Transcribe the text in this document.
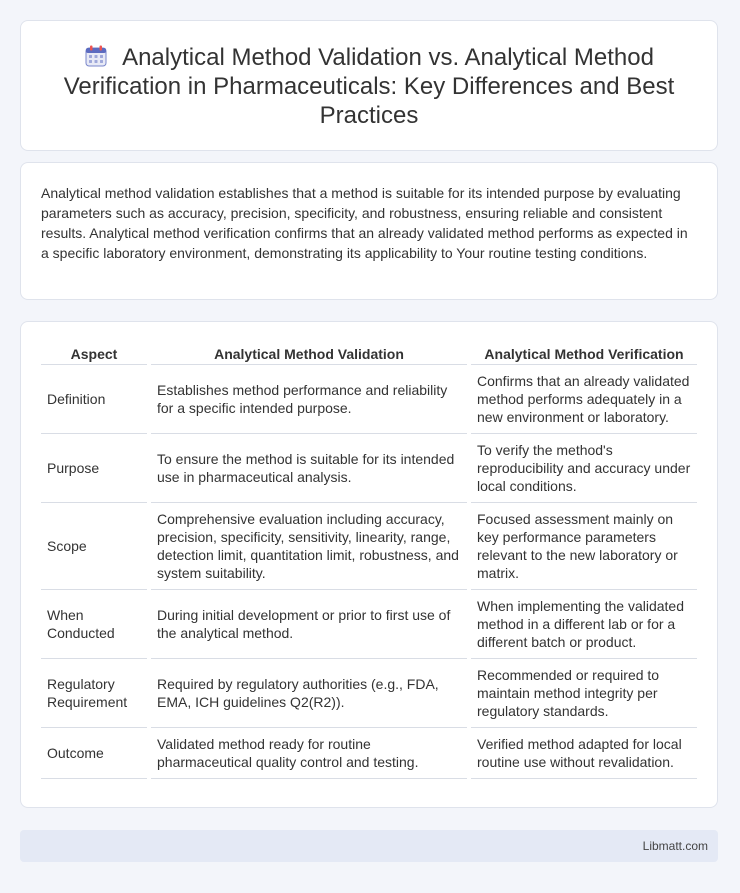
Analytical Method Validation vs. Analytical Method Verification in Pharmaceuticals: Key Differences and Best Practices

Analytical method validation establishes that a method is suitable for its intended purpose by evaluating parameters such as accuracy, precision, specificity, and robustness, ensuring reliable and consistent results. Analytical method verification confirms that an already validated method performs as expected in a specific laboratory environment, demonstrating its applicability to Your routine testing conditions.

Aspect	Analytical Method Validation	Analytical Method Verification
Definition	Establishes method performance and reliability for a specific intended purpose.	Confirms that an already validated method performs adequately in a new environment or laboratory.
Purpose	To ensure the method is suitable for its intended use in pharmaceutical analysis.	To verify the method's reproducibility and accuracy under local conditions.
Scope	Comprehensive evaluation including accuracy, precision, specificity, sensitivity, linearity, range, detection limit, quantitation limit, robustness, and system suitability.	Focused assessment mainly on key performance parameters relevant to the new laboratory or matrix.
When Conducted	During initial development or prior to first use of the analytical method.	When implementing the validated method in a different lab or for a different batch or product.
Regulatory Requirement	Required by regulatory authorities (e.g., FDA, EMA, ICH guidelines Q2(R2)).	Recommended or required to maintain method integrity per regulatory standards.
Outcome	Validated method ready for routine pharmaceutical quality control and testing.	Verified method adapted for local routine use without revalidation.
Libmatt.com
